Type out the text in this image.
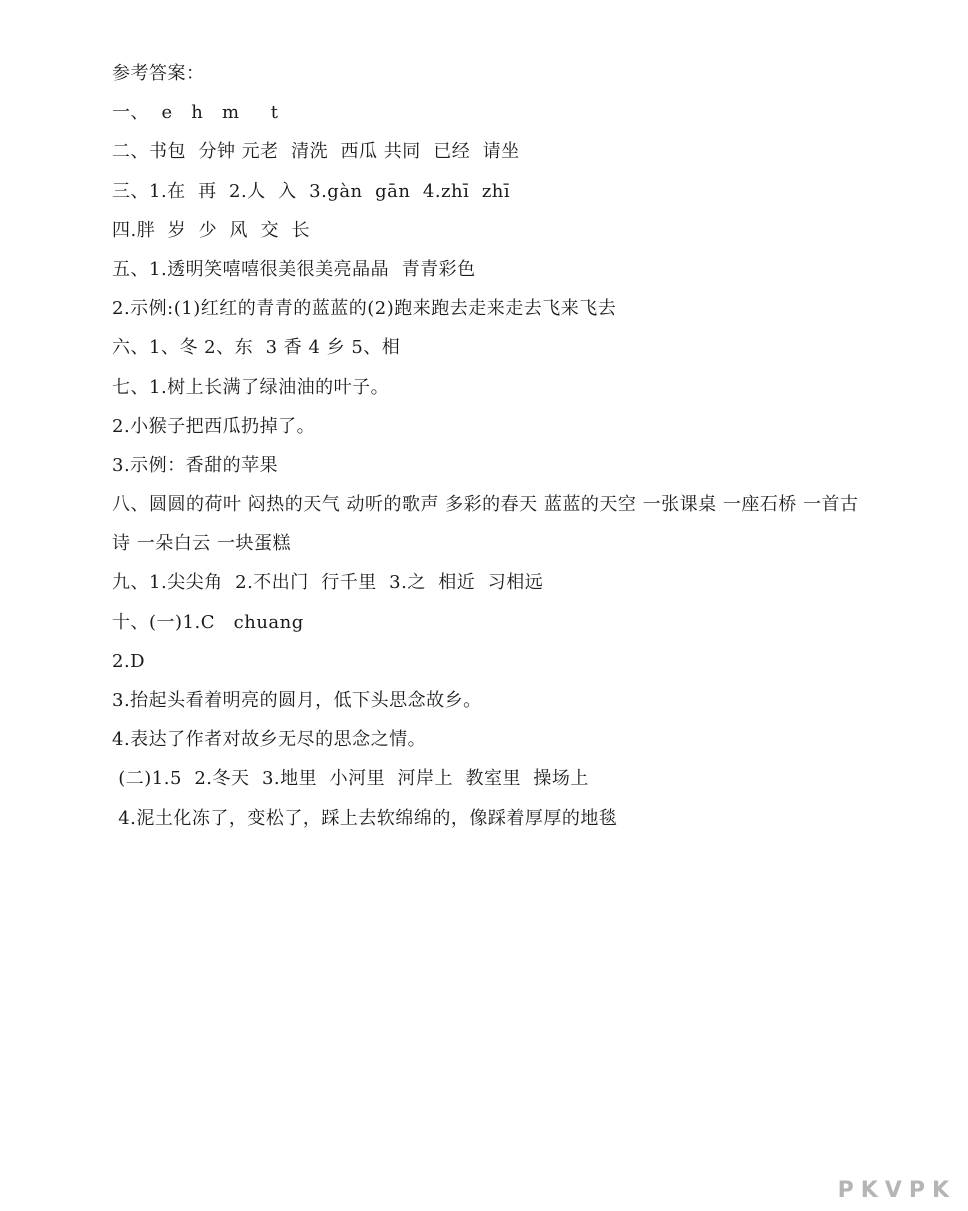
参考答案：
一、  e   h   m     t
二、书包  分钟 元老  清洗  西瓜 共同  已经  请坐
三、1.在  再  2.人  入  3.gàn  gān  4.zhī  zhī
四.胖  岁  少  风  交  长
五、1.透明笑嘻嘻很美很美亮晶晶  青青彩色
2.示例:(1)红红的青青的蓝蓝的(2)跑来跑去走来走去飞来飞去
六、1、冬 2、东  3 香 4 乡 5、相
七、1.树上长满了绿油油的叶子。
2.小猴子把西瓜扔掉了。
3.示例：香甜的苹果
八、圆圆的荷叶 闷热的天气 动听的歌声 多彩的春天 蓝蓝的天空 一张课桌 一座石桥 一首古诗 一朵白云 一块蛋糕
九、1.尖尖角  2.不出门  行千里  3.之  相近  习相远
十、(一)1.C   chuang
2.D
3.抬起头看着明亮的圆月，低下头思念故乡。
4.表达了作者对故乡无尽的思念之情。
(二)1.5  2.冬天  3.地里  小河里  河岸上  教室里  操场上
4.泥土化冻了，变松了，踩上去软绵绵的，像踩着厚厚的地毯
PKVPK
